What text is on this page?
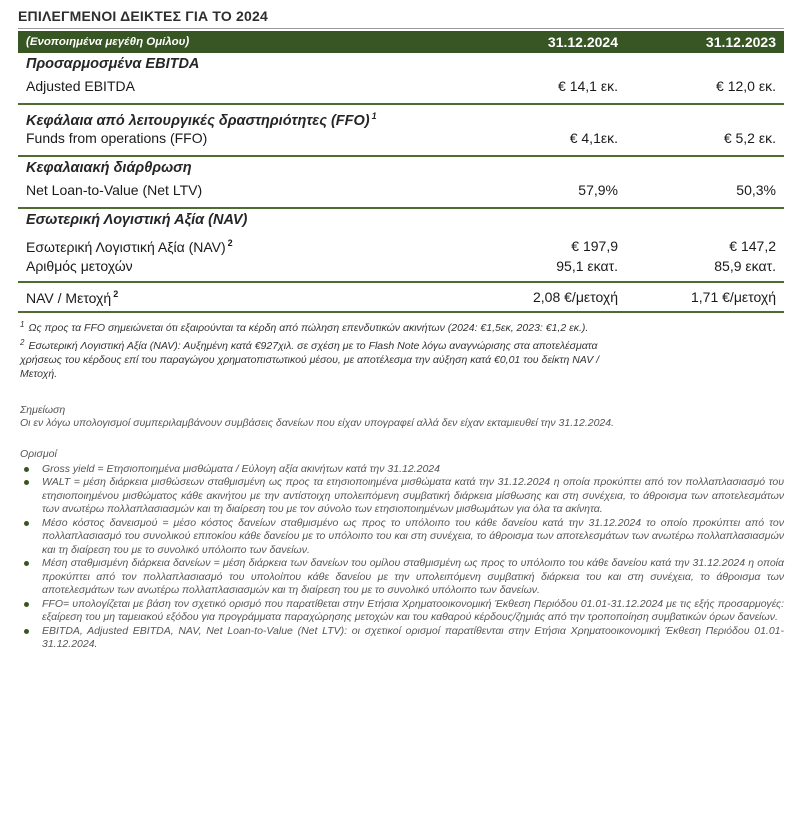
ΕΠΙΛΕΓΜΕΝΟΙ ΔΕΙΚΤΕΣ ΓΙΑ ΤΟ 2024
(Ενοποιημένα μεγέθη Ομίλου)	31.12.2024	31.12.2023
Προσαρμοσμένα EBITDA
Adjusted EBITDA	€ 14,1 εκ.	€ 12,0 εκ.
Κεφάλαια από λειτουργικές δραστηριότητες (FFO) $^1$
Funds from operations (FFO)	€ 4,1εκ.	€ 5,2 εκ.
Κεφαλαιακή διάρθρωση
Net Loan-to-Value (Net LTV)	57,9%	50,3%
Εσωτερική Λογιστική Αξία (NAV)
Εσωτερική Λογιστική Αξία (NAV) $^2$	€ 197,9	€ 147,2
Αριθμός μετοχών	95,1 εκατ.	85,9 εκατ.
NAV / Μετοχή $^2$	2,08 €/μετοχή	1,71 €/μετοχή

$^1$ Ως προς τα FFO σημειώνεται ότι εξαιρούνται τα κέρδη από πώληση επενδυτικών ακινήτων (2024: €1,5εκ, 2023: €1,2 εκ.).

$^2$ Εσωτερική Λογιστική Αξία (NAV): Αυξημένη κατά €927χιλ. σε σχέση με το Flash Note λόγω αναγνώρισης στα αποτελέσματα

χρήσεως του κέρδους επί του παραγώγου χρηματοπιστωτικού μέσου, με αποτέλεσμα την αύξηση κατά €0,01 του δείκτη NAV /

Μετοχή.

Σημείωση
Οι εν λόγω υπολογισμοί συμπεριλαμβάνουν συμβάσεις δανείων που είχαν υπογραφεί αλλά δεν είχαν εκταμιευθεί την 31.12.2024.
Ορισμοί
Gross yield = Ετησιοποιημένα μισθώματα / Εύλογη αξία ακινήτων κατά την 31.12.2024
WALT = μέση διάρκεια μισθώσεων σταθμισμένη ως προς τα ετησιοποιημένα μισθώματα κατά την 31.12.2024 η οποία προκύπτει από τον πολλαπλασιασμό του ετησιοποιημένου μισθώματος κάθε ακινήτου με την αντίστοιχη υπολειπόμενη συμβατική διάρκεια μίσθωσης και στη συνέχεια, το άθροισμα των αποτελεσμάτων των ανωτέρω πολλαπλασιασμών και τη διαίρεση του με τον σύνολο των ετησιοποιημένων μισθωμάτων για όλα τα ακίνητα.
Μέσο κόστος δανεισμού = μέσο κόστος δανείων σταθμισμένο ως προς το υπόλοιπο του κάθε δανείου κατά την 31.12.2024 το οποίο προκύπτει από τον πολλαπλασιασμό του συνολικού επιτοκίου κάθε δανείου με το υπόλοιπο του και στη συνέχεια, το άθροισμα των αποτελεσμάτων των ανωτέρω πολλαπλασιασμών και τη διαίρεση του με το συνολικό υπόλοιπο των δανείων.
Μέση σταθμισμένη διάρκεια δανείων = μέση διάρκεια των δανείων του ομίλου σταθμισμένη ως προς το υπόλοιπο του κάθε δανείου κατά την 31.12.2024 η οποία προκύπτει από τον πολλαπλασιασμό του υπολοίπου κάθε δανείου με την υπολειπόμενη συμβατική διάρκεια του και στη συνέχεια, το άθροισμα των αποτελεσμάτων των ανωτέρω πολλαπλασιασμών και τη διαίρεση του με το συνολικό υπόλοιπο των δανείων.
FFO= υπολογίζεται με βάση τον σχετικό ορισμό που παρατίθεται στην Ετήσια Χρηματοοικονομική Έκθεση Περιόδου 01.01-31.12.2024 με τις εξής προσαρμογές: εξαίρεση του μη ταμειακού εξόδου για προγράμματα παραχώρησης μετοχών και του καθαρού κέρδους/ζημιάς από την τροποποίηση συμβατικών όρων δανείων.
EBITDA, Adjusted EBITDA, NAV, Net Loan-to-Value (Net LTV): οι σχετικοί ορισμοί παρατίθενται στην Ετήσια Χρηματοοικονομική Έκθεση Περιόδου 01.01-31.12.2024.
